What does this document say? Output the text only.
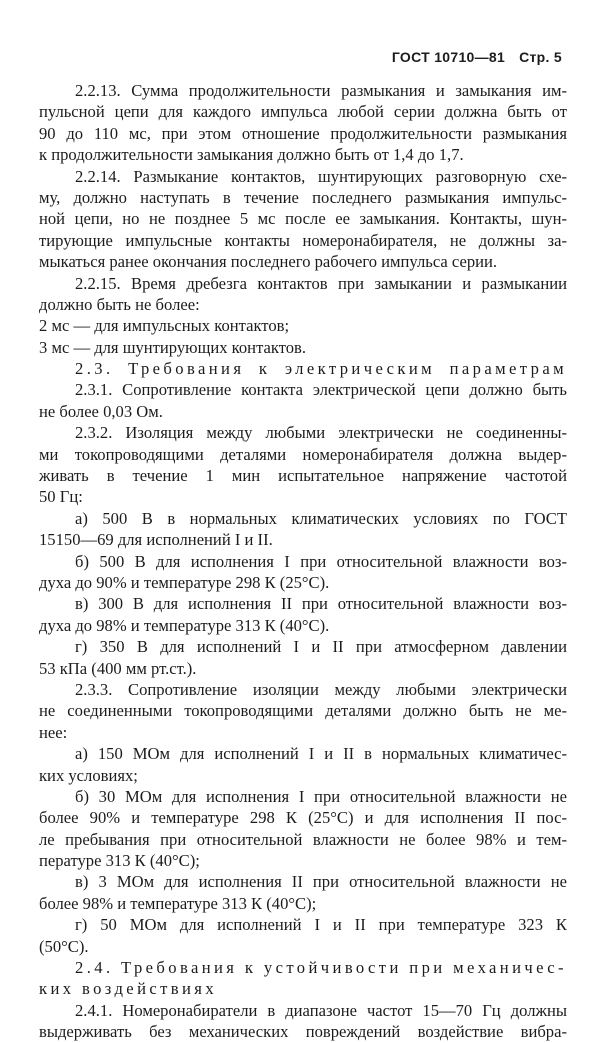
ГОСТ 10710—81 Стр. 5
2.2.13. Сумма продолжительности размыкания и замыкания им-
пульсной цепи для каждого импульса любой серии должна быть от
90 до 110 мс, при этом отношение продолжительности размыкания
к продолжительности замыкания должно быть от 1,4 до 1,7.
2.2.14. Размыкание контактов, шунтирующих разговорную схе-
му, должно наступать в течение последнего размыкания импульс-
ной цепи, но не позднее 5 мс после ее замыкания. Контакты, шун-
тирующие импульсные контакты номеронабирателя, не должны за-
мыкаться ранее окончания последнего рабочего импульса серии.
2.2.15. Время дребезга контактов при замыкании и размыкании
должно быть не более:
2 мс — для импульсных контактов;
3 мс — для шунтирующих контактов.
2.3. Требования к электрическим параметрам
2.3.1. Сопротивление контакта электрической цепи должно быть
не более 0,03 Ом.
2.3.2. Изоляция между любыми электрически не соединенны-
ми токопроводящими деталями номеронабирателя должна выдер-
живать в течение 1 мин испытательное напряжение частотой
50 Гц:
а) 500 В в нормальных климатических условиях по ГОСТ
15150—69 для исполнений I и II.
б) 500 В для исполнения I при относительной влажности воз-
духа до 90% и температуре 298 К (25°С).
в) 300 В для исполнения II при относительной влажности воз-
духа до 98% и температуре 313 К (40°С).
г) 350 В для исполнений I и II при атмосферном давлении
53 кПа (400 мм рт.ст.).
2.3.3. Сопротивление изоляции между любыми электрически
не соединенными токопроводящими деталями должно быть не ме-
нее:
а) 150 МОм для исполнений I и II в нормальных климатичес-
ких условиях;
б) 30 МОм для исполнения I при относительной влажности не
более 90% и температуре 298 К (25°С) и для исполнения II пос-
ле пребывания при относительной влажности не более 98% и тем-
пературе 313 К (40°С);
в) 3 МОм для исполнения II при относительной влажности не
более 98% и температуре 313 К (40°С);
г) 50 МОм для исполнений I и II при температуре 323 К
(50°С).
2.4. Требования к устойчивости при механичес-
ких воздействиях
2.4.1. Номеронабиратели в диапазоне частот 15—70 Гц должны
выдерживать без механических повреждений воздействие вибра-
